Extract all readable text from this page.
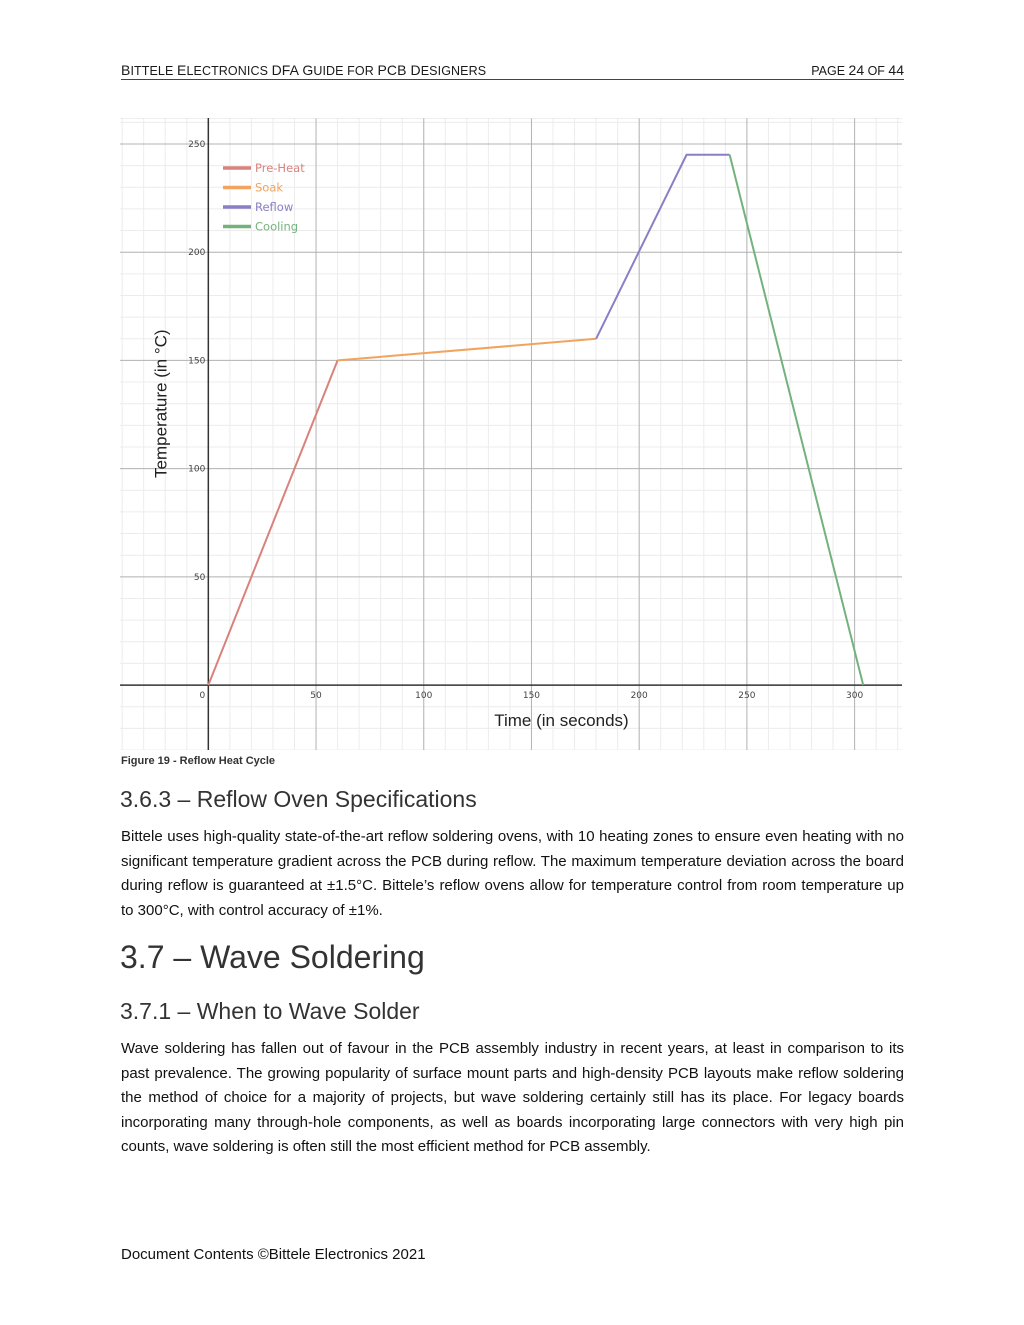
BITTELE ELECTRONICS DFA GUIDE FOR PCB DESIGNERS	PAGE 24 OF 44
0	50	100	150	200	250	300
50
100
150
200
250
Time (in seconds)
Temperature (in °C)
Pre-Heat
Soak
Reflow
Cooling
Figure 19 - Reflow Heat Cycle
3.6.3 – Reflow Oven Specifications

Bittele uses high-quality state-of-the-art reflow soldering ovens, with 10 heating zones to ensure even heating with no significant temperature gradient across the PCB during reflow. The maximum temperature deviation across the board during reflow is guaranteed at ±1.5°C. Bittele’s reflow ovens allow for temperature control from room temperature up to 300°C, with control accuracy of ±1%.

3.7 – Wave Soldering
3.7.1 – When to Wave Solder

Wave soldering has fallen out of favour in the PCB assembly industry in recent years, at least in comparison to its past prevalence. The growing popularity of surface mount parts and high-density PCB layouts make reflow soldering the method of choice for a majority of projects, but wave soldering certainly still has its place. For legacy boards incorporating many through-hole components, as well as boards incorporating large connectors with very high pin counts, wave soldering is often still the most efficient method for PCB assembly.

Document Contents ©Bittele Electronics 2021
